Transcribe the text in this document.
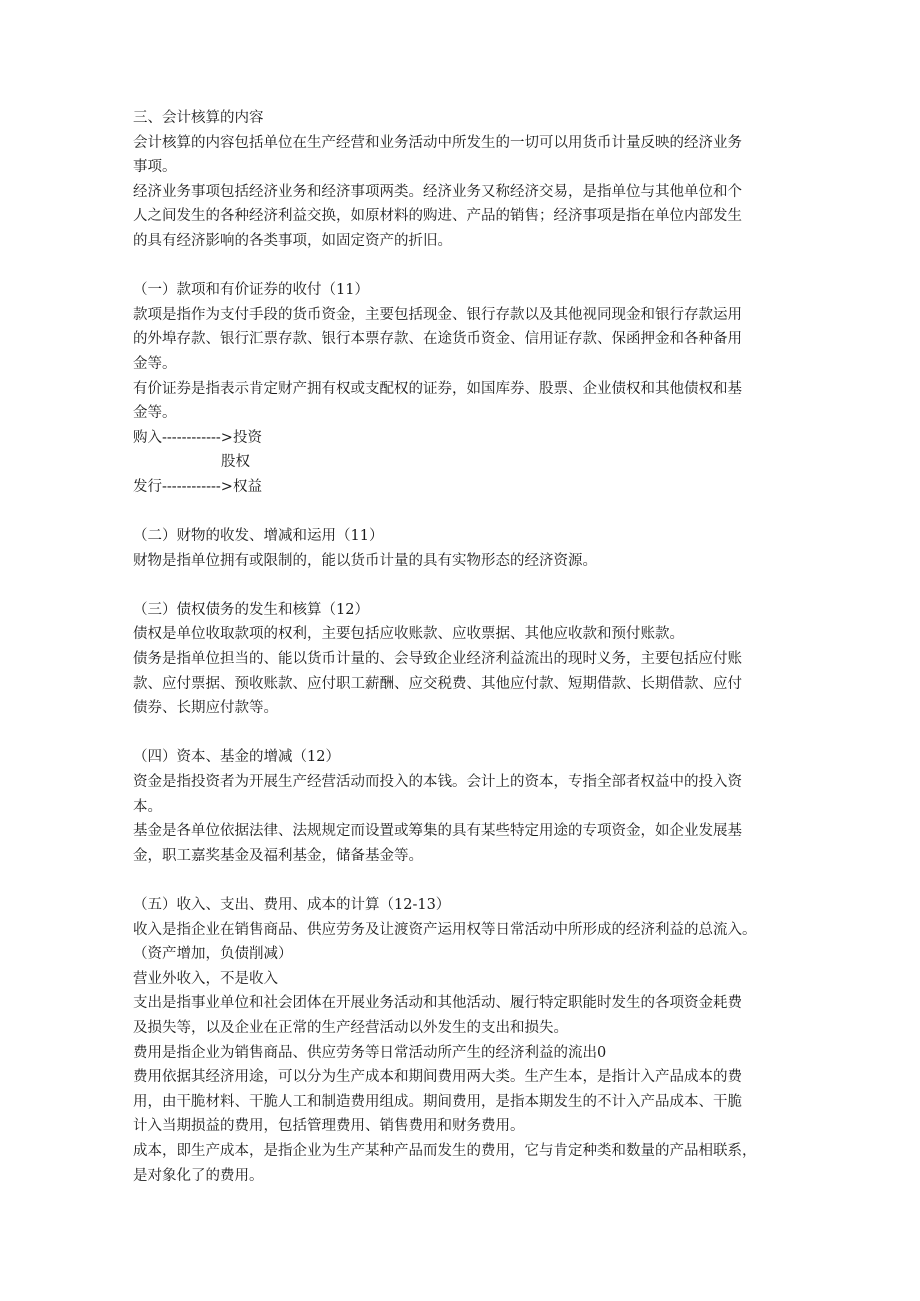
三、会计核算的内容
会计核算的内容包括单位在生产经营和业务活动中所发生的一切可以用货币计量反映的经济业务
事项。
经济业务事项包括经济业务和经济事项两类。经济业务又称经济交易，是指单位与其他单位和个
人之间发生的各种经济利益交换，如原材料的购进、产品的销售；经济事项是指在单位内部发生
的具有经济影响的各类事项，如固定资产的折旧。
（一）款项和有价证券的收付（11）
款项是指作为支付手段的货币资金，主要包括现金、银行存款以及其他视同现金和银行存款运用
的外埠存款、银行汇票存款、银行本票存款、在途货币资金、信用证存款、保函押金和各种备用
金等。
有价证券是指表示肯定财产拥有权或支配权的证券，如国库券、股票、企业债权和其他债权和基
金等。
购入------------>投资
股权
发行------------>权益
（二）财物的收发、增减和运用（11）
财物是指单位拥有或限制的，能以货币计量的具有实物形态的经济资源。
（三）债权债务的发生和核算（12）
债权是单位收取款项的权利，主要包括应收账款、应收票据、其他应收款和预付账款。
债务是指单位担当的、能以货币计量的、会导致企业经济利益流出的现时义务，主要包括应付账
款、应付票据、预收账款、应付职工薪酬、应交税费、其他应付款、短期借款、长期借款、应付
债券、长期应付款等。
（四）资本、基金的增减（12）
资金是指投资者为开展生产经营活动而投入的本钱。会计上的资本，专指全部者权益中的投入资
本。
基金是各单位依据法律、法规规定而设置或筹集的具有某些特定用途的专项资金，如企业发展基
金，职工嘉奖基金及福利基金，储备基金等。
（五）收入、支出、费用、成本的计算（12-13）
收入是指企业在销售商品、供应劳务及让渡资产运用权等日常活动中所形成的经济利益的总流入。
（资产增加，负债削减）
营业外收入，不是收入
支出是指事业单位和社会团体在开展业务活动和其他活动、履行特定职能时发生的各项资金耗费
及损失等，以及企业在正常的生产经营活动以外发生的支出和损失。
费用是指企业为销售商品、供应劳务等日常活动所产生的经济利益的流出0
费用依据其经济用途，可以分为生产成本和期间费用两大类。生产生本，是指计入产品成本的费
用，由干脆材料、干脆人工和制造费用组成。期间费用，是指本期发生的不计入产品成本、干脆
计入当期损益的费用，包括管理费用、销售费用和财务费用。
成本，即生产成本，是指企业为生产某种产品而发生的费用，它与肯定种类和数量的产品相联系，
是对象化了的费用。
